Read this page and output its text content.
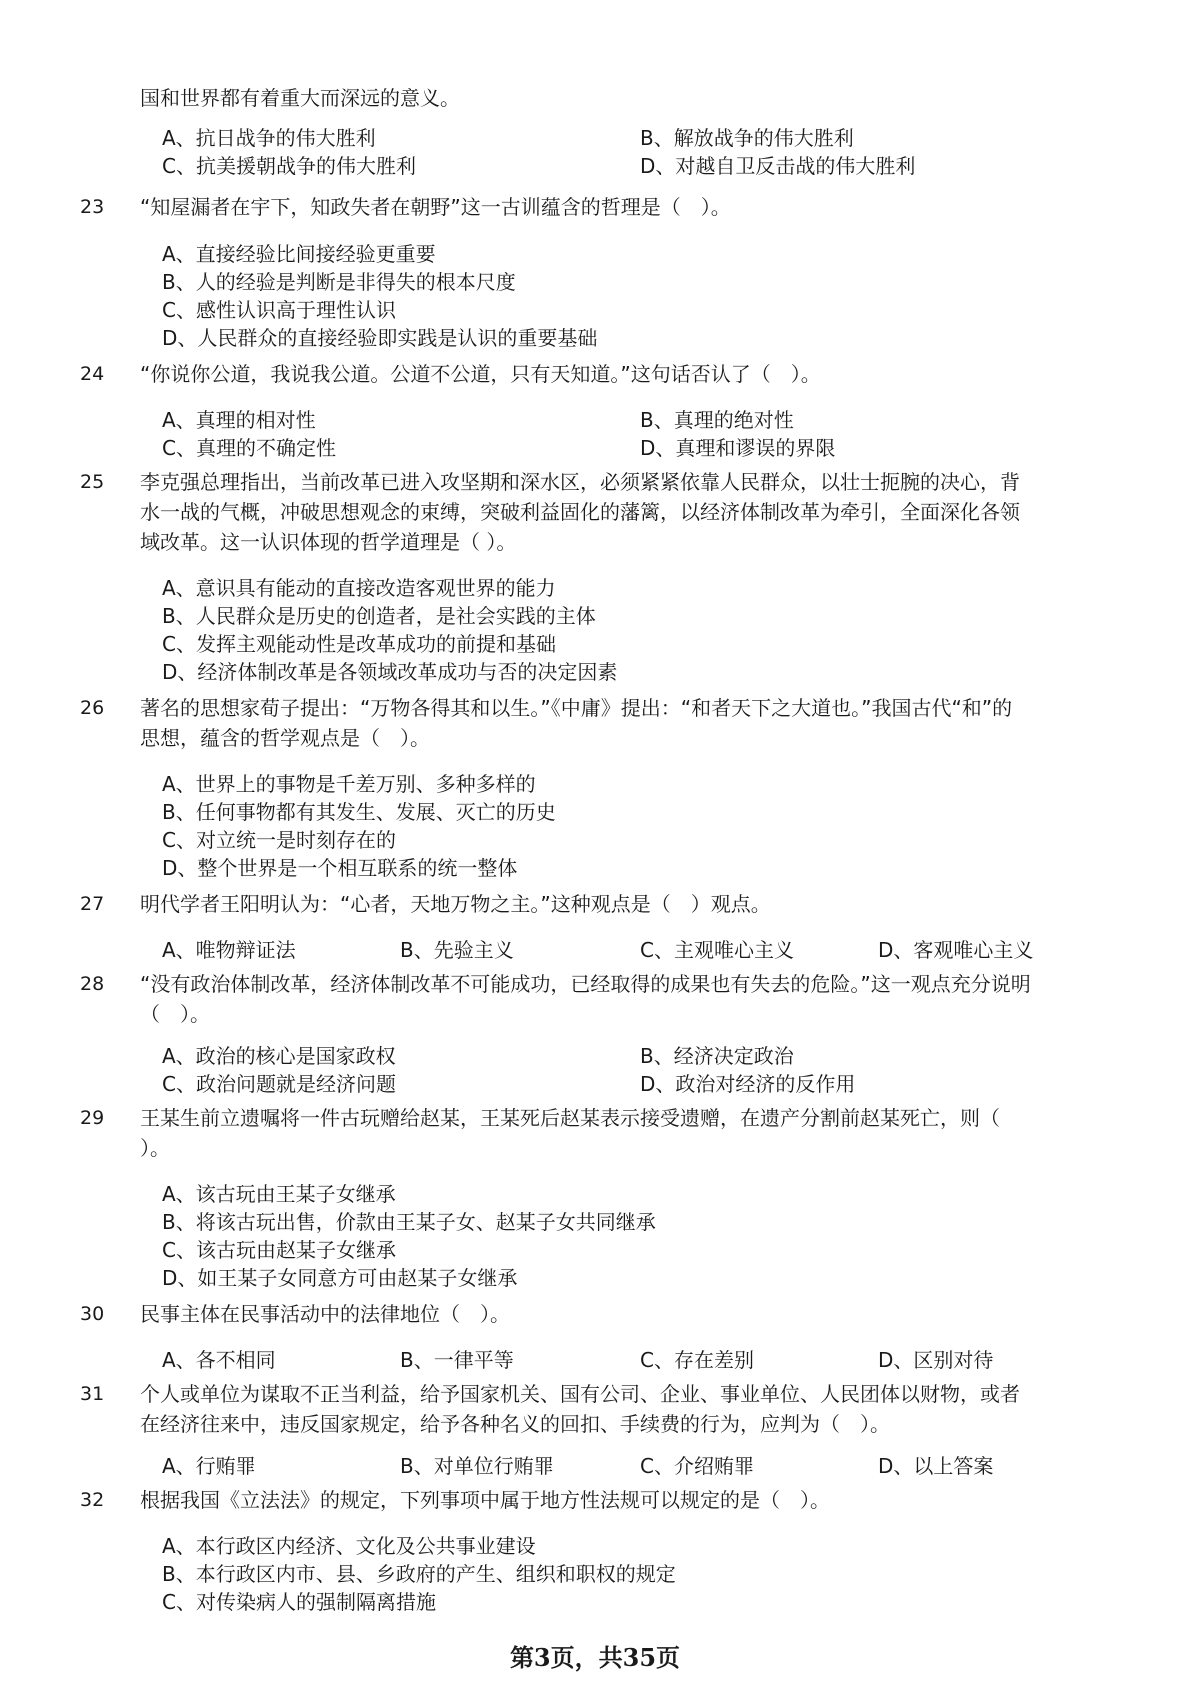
国和世界都有着重大而深远的意义。
A、抗日战争的伟大胜利	B、解放战争的伟大胜利
C、抗美援朝战争的伟大胜利	D、对越自卫反击战的伟大胜利
23 “知屋漏者在宇下，知政失者在朝野”这一古训蕴含的哲理是（　）。
A、直接经验比间接经验更重要
B、人的经验是判断是非得失的根本尺度
C、感性认识高于理性认识
D、人民群众的直接经验即实践是认识的重要基础
24 “你说你公道，我说我公道。公道不公道，只有天知道。”这句话否认了（　）。
A、真理的相对性	B、真理的绝对性
C、真理的不确定性	D、真理和谬误的界限
25 李克强总理指出，当前改革已进入攻坚期和深水区，必须紧紧依靠人民群众，以壮士扼腕的决心，背
水一战的气概，冲破思想观念的束缚，突破利益固化的藩篱，以经济体制改革为牵引，全面深化各领
域改革。这一认识体现的哲学道理是（ ）。
A、意识具有能动的直接改造客观世界的能力
B、人民群众是历史的创造者，是社会实践的主体
C、发挥主观能动性是改革成功的前提和基础
D、经济体制改革是各领域改革成功与否的决定因素
26 著名的思想家荀子提出：“万物各得其和以生。”《中庸》提出：“和者天下之大道也。”我国古代“和”的
思想，蕴含的哲学观点是（　）。
A、世界上的事物是千差万别、多种多样的
B、任何事物都有其发生、发展、灭亡的历史
C、对立统一是时刻存在的
D、整个世界是一个相互联系的统一整体
27 明代学者王阳明认为：“心者，天地万物之主。”这种观点是（　）观点。
A、唯物辩证法	B、先验主义	C、主观唯心主义	D、客观唯心主义
28 “没有政治体制改革，经济体制改革不可能成功，已经取得的成果也有失去的危险。”这一观点充分说明
（　）。
A、政治的核心是国家政权	B、经济决定政治
C、政治问题就是经济问题	D、政治对经济的反作用
29 王某生前立遗嘱将一件古玩赠给赵某，王某死后赵某表示接受遗赠，在遗产分割前赵某死亡，则（
）。
A、该古玩由王某子女继承
B、将该古玩出售，价款由王某子女、赵某子女共同继承
C、该古玩由赵某子女继承
D、如王某子女同意方可由赵某子女继承
30 民事主体在民事活动中的法律地位（　）。
A、各不相同	B、一律平等	C、存在差别	D、区别对待
31 个人或单位为谋取不正当利益，给予国家机关、国有公司、企业、事业单位、人民团体以财物，或者
在经济往来中，违反国家规定，给予各种名义的回扣、手续费的行为，应判为（　）。
A、行贿罪	B、对单位行贿罪	C、介绍贿罪	D、以上答案
32 根据我国《立法法》的规定，下列事项中属于地方性法规可以规定的是（　）。
A、本行政区内经济、文化及公共事业建设
B、本行政区内市、县、乡政府的产生、组织和职权的规定
C、对传染病人的强制隔离措施
第3页，共35页
